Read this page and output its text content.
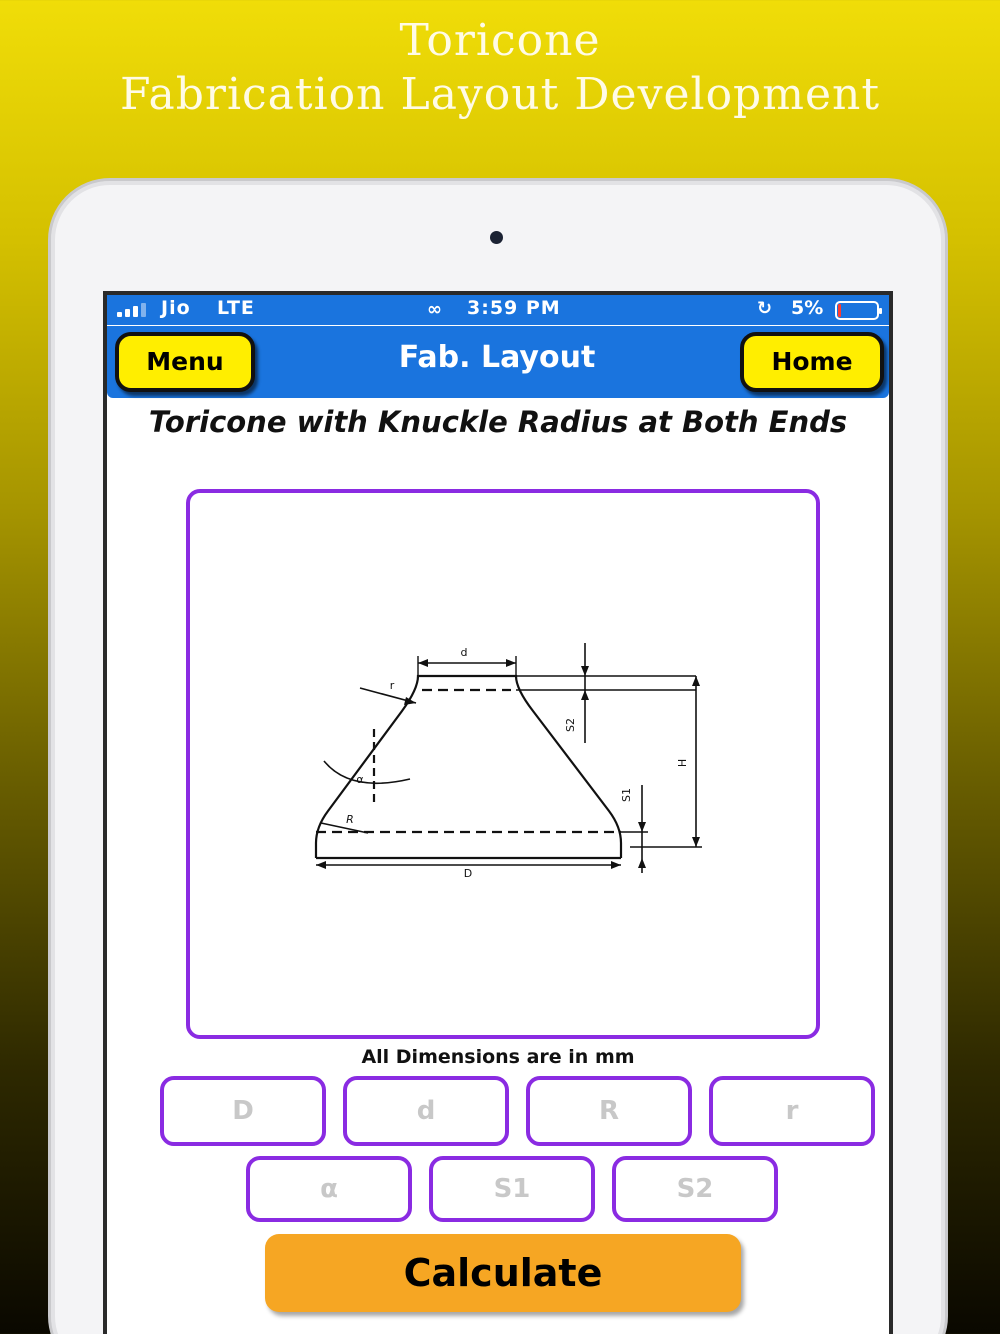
Toricone
Fabrication Layout Development
Jio LTE	∞ 3:59 PM	↻ 5%
Menu	Fab. Layout	Home
Toricone with Knuckle Radius at Both Ends
d
r
S2
H
α
S1
R
D
All Dimensions are in mm
D
d
R
r
α
S1
S2
Calculate
